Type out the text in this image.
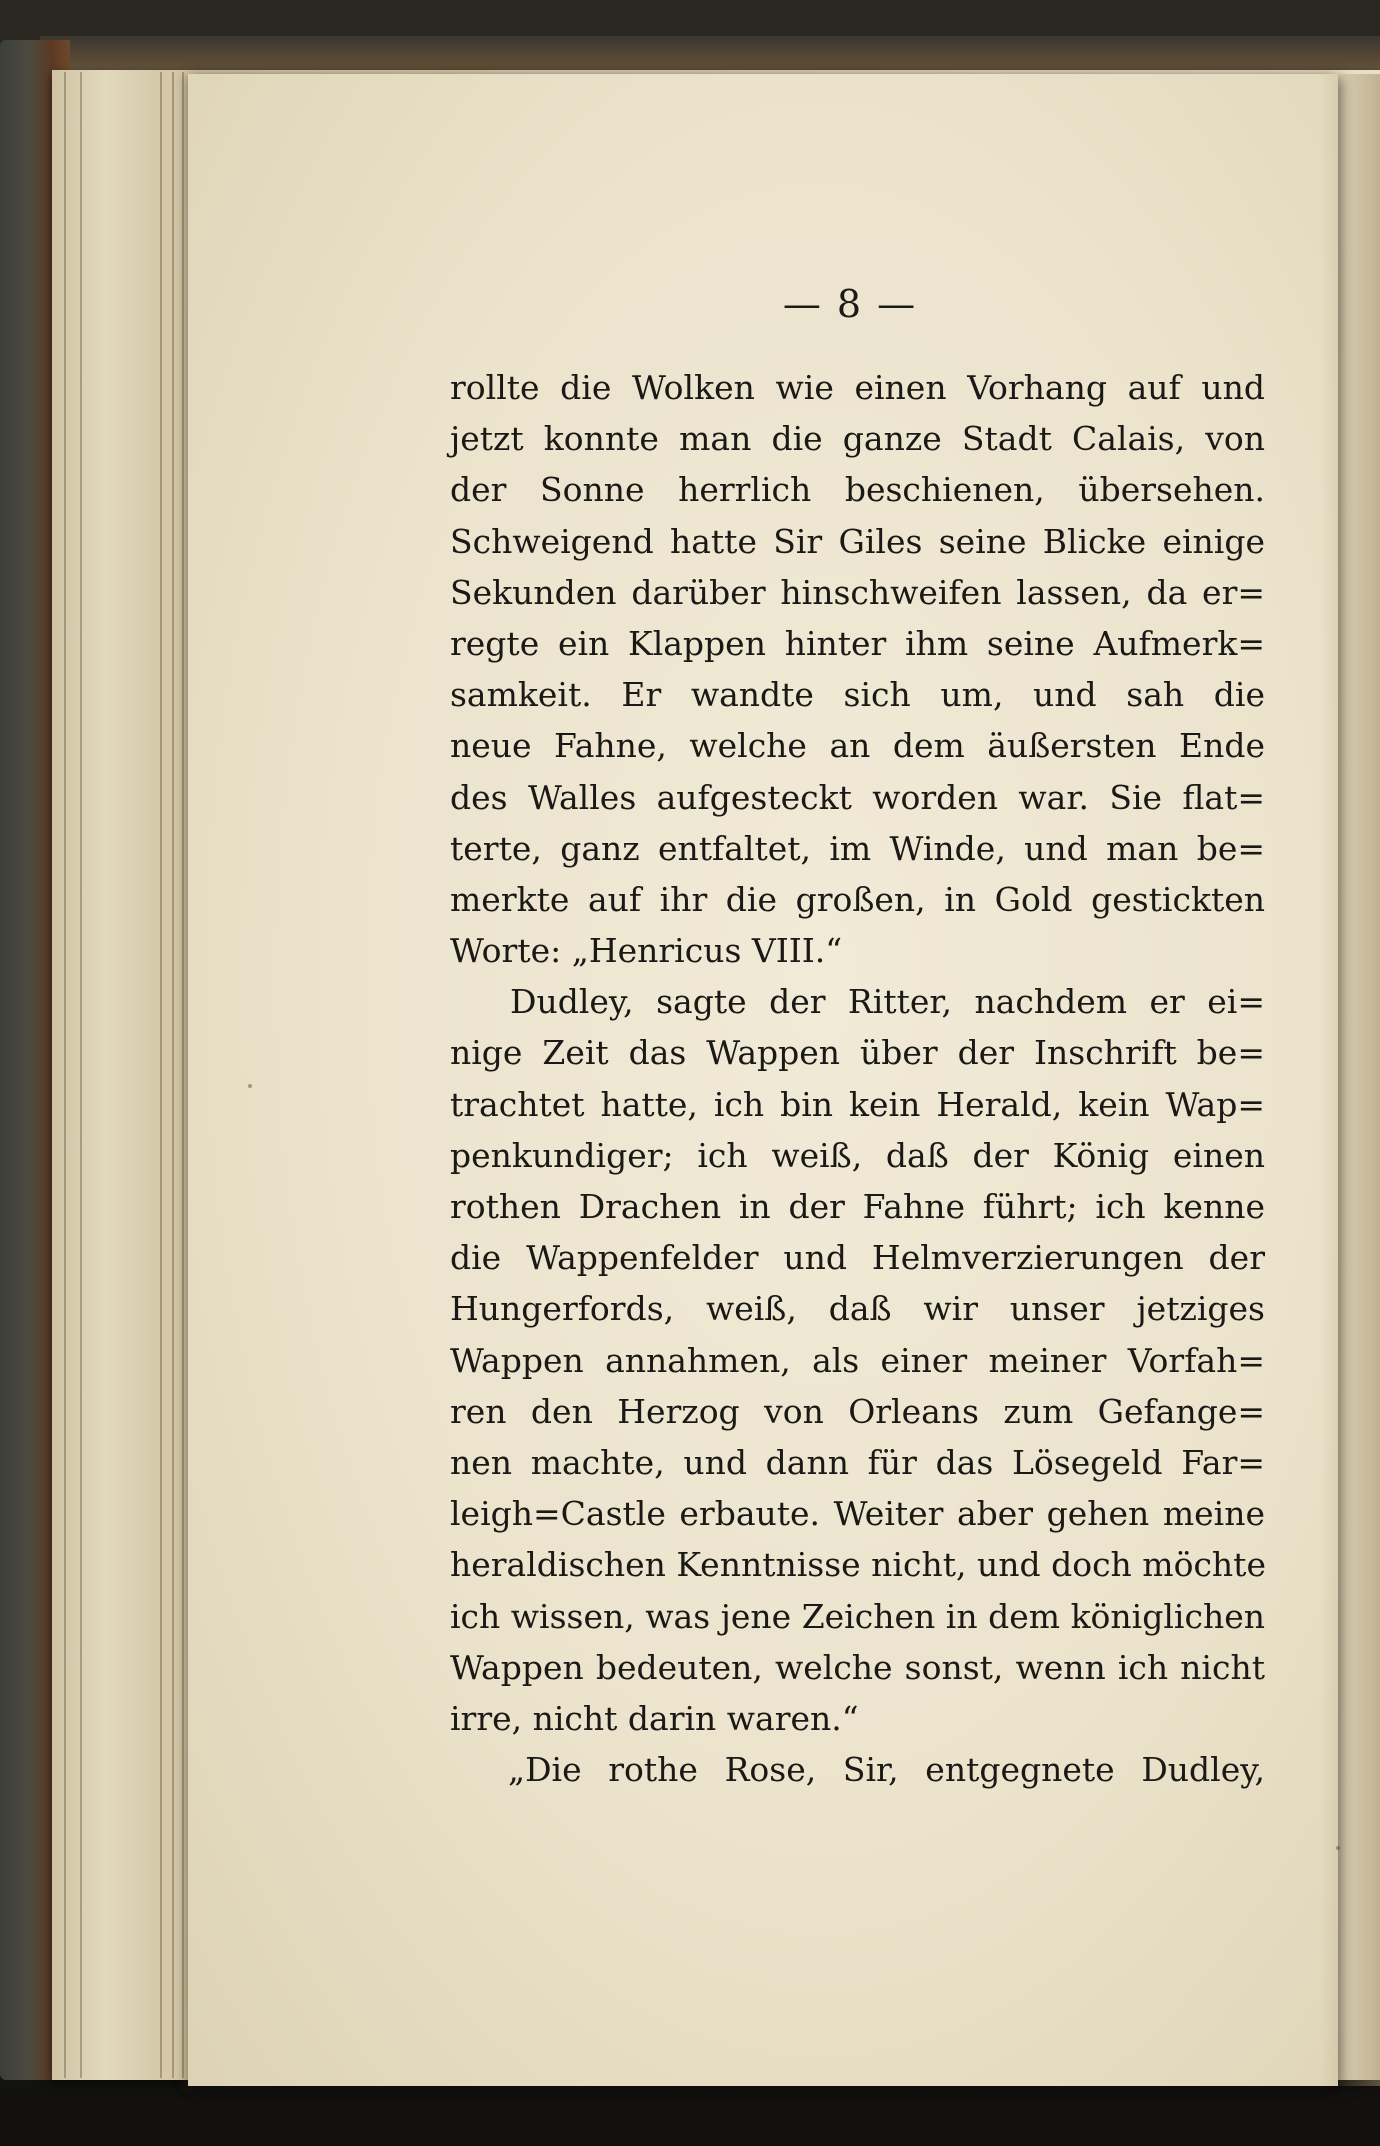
— 8 —
rollte die Wolken wie einen Vorhang auf und
jetzt konnte man die ganze Stadt Calais, von
der Sonne herrlich beschienen, übersehen.
Schweigend hatte Sir Giles seine Blicke einige
Sekunden darüber hinschweifen lassen, da er=
regte ein Klappen hinter ihm seine Aufmerk=
samkeit. Er wandte sich um, und sah die
neue Fahne, welche an dem äußersten Ende
des Walles aufgesteckt worden war. Sie flat=
terte, ganz entfaltet, im Winde, und man be=
merkte auf ihr die großen, in Gold gestickten
Worte: „Henricus VIII.“
Dudley, sagte der Ritter, nachdem er ei=
nige Zeit das Wappen über der Inschrift be=
trachtet hatte, ich bin kein Herald, kein Wap=
penkundiger; ich weiß, daß der König einen
rothen Drachen in der Fahne führt; ich kenne
die Wappenfelder und Helmverzierungen der
Hungerfords, weiß, daß wir unser jetziges
Wappen annahmen, als einer meiner Vorfah=
ren den Herzog von Orleans zum Gefange=
nen machte, und dann für das Lösegeld Far=
leigh=Castle erbaute. Weiter aber gehen meine
heraldischen Kenntnisse nicht, und doch möchte
ich wissen, was jene Zeichen in dem königlichen
Wappen bedeuten, welche sonst, wenn ich nicht
irre, nicht darin waren.“
„Die rothe Rose, Sir, entgegnete Dudley,
